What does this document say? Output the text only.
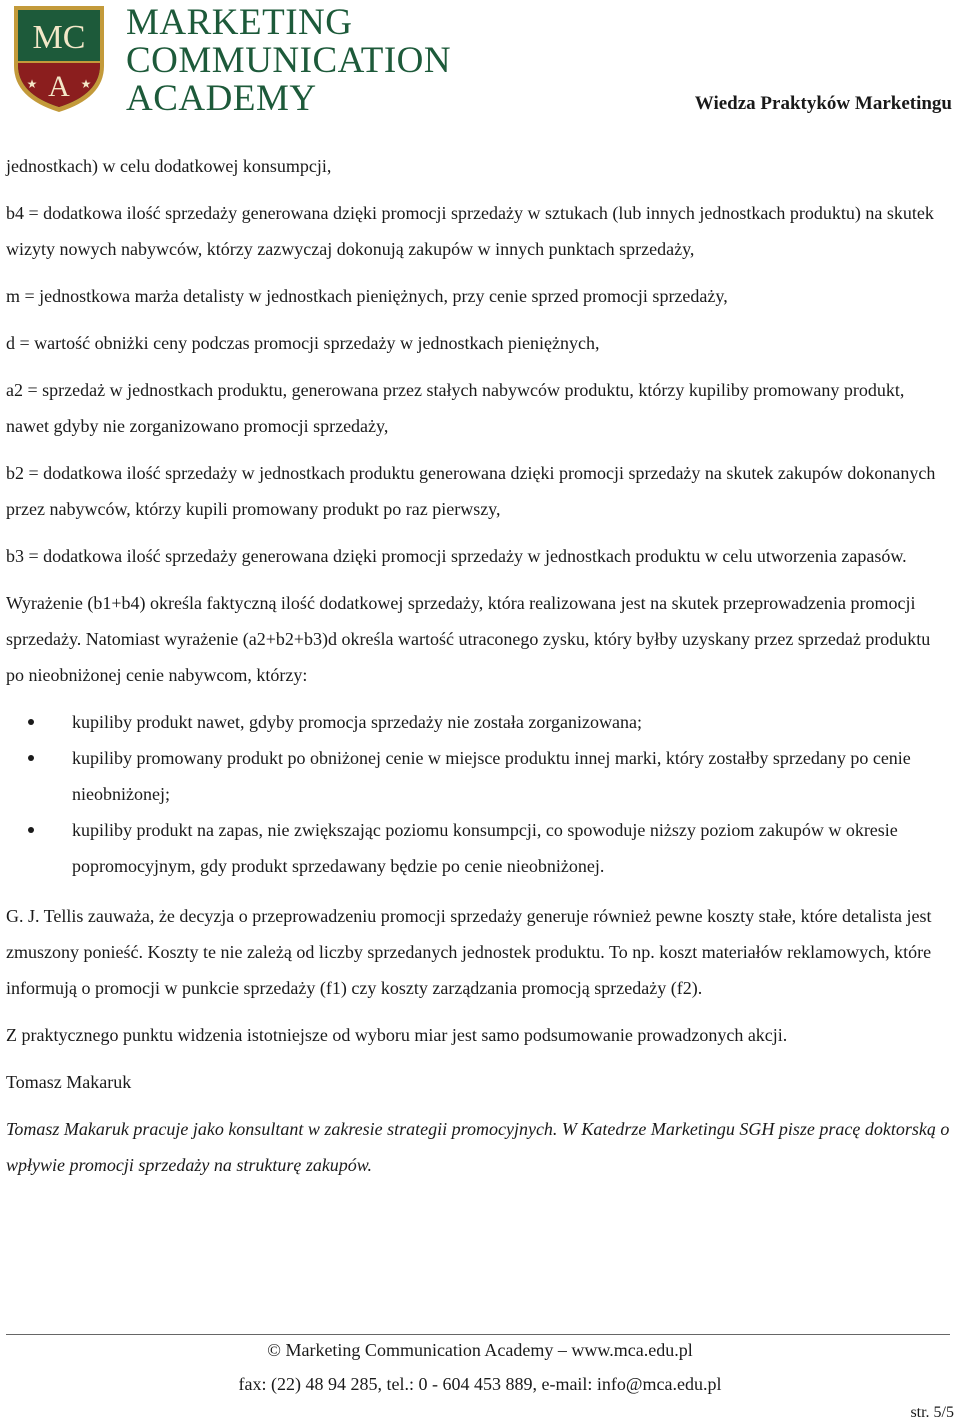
MC
A
★	★
MARKETING
COMMUNICATION
ACADEMY	Wiedza Praktyków Marketingu

jednostkach) w celu dodatkowej konsumpcji,

b4 = dodatkowa ilość sprzedaży generowana dzięki promocji sprzedaży w sztukach (lub innych jednostkach produktu) na skutek wizyty nowych nabywców, którzy zazwyczaj dokonują zakupów w innych punktach sprzedaży,

m = jednostkowa marża detalisty w jednostkach pieniężnych, przy cenie sprzed promocji sprzedaży,

d = wartość obniżki ceny podczas promocji sprzedaży w jednostkach pieniężnych,

a2 = sprzedaż w jednostkach produktu, generowana przez stałych nabywców produktu, którzy kupiliby promowany produkt, nawet gdyby nie zorganizowano promocji sprzedaży,

b2 = dodatkowa ilość sprzedaży w jednostkach produktu generowana dzięki promocji sprzedaży na skutek zakupów dokonanych przez nabywców, którzy kupili promowany produkt po raz pierwszy,

b3 = dodatkowa ilość sprzedaży generowana dzięki promocji sprzedaży w jednostkach produktu w celu utworzenia zapasów.

Wyrażenie (b1+b4) określa faktyczną ilość dodatkowej sprzedaży, która realizowana jest na skutek przeprowadzenia promocji sprzedaży. Natomiast wyrażenie (a2+b2+b3)d określa wartość utraconego zysku, który byłby uzyskany przez sprzedaż produktu po nieobniżonej cenie nabywcom, którzy:

kupiliby produkt nawet, gdyby promocja sprzedaży nie została zorganizowana;
kupiliby promowany produkt po obniżonej cenie w miejsce produktu innej marki, który zostałby sprzedany po cenie nieobniżonej;
kupiliby produkt na zapas, nie zwiększając poziomu konsumpcji, co spowoduje niższy poziom zakupów w okresie popromocyjnym, gdy produkt sprzedawany będzie po cenie nieobniżonej.

G. J. Tellis zauważa, że decyzja o przeprowadzeniu promocji sprzedaży generuje również pewne koszty stałe, które detalista jest zmuszony ponieść. Koszty te nie zależą od liczby sprzedanych jednostek produktu. To np. koszt materiałów reklamowych, które informują o promocji w punkcie sprzedaży (f1) czy koszty zarządzania promocją sprzedaży (f2).

Z praktycznego punktu widzenia istotniejsze od wyboru miar jest samo podsumowanie prowadzonych akcji.

Tomasz Makaruk

Tomasz Makaruk pracuje jako konsultant w zakresie strategii promocyjnych. W Katedrze Marketingu SGH pisze pracę doktorską o wpływie promocji sprzedaży na strukturę zakupów.

© Marketing Communication Academy – www.mca.edu.pl
fax: (22) 48 94 285, tel.: 0 - 604 453 889, e-mail: info@mca.edu.pl
str. 5/5
